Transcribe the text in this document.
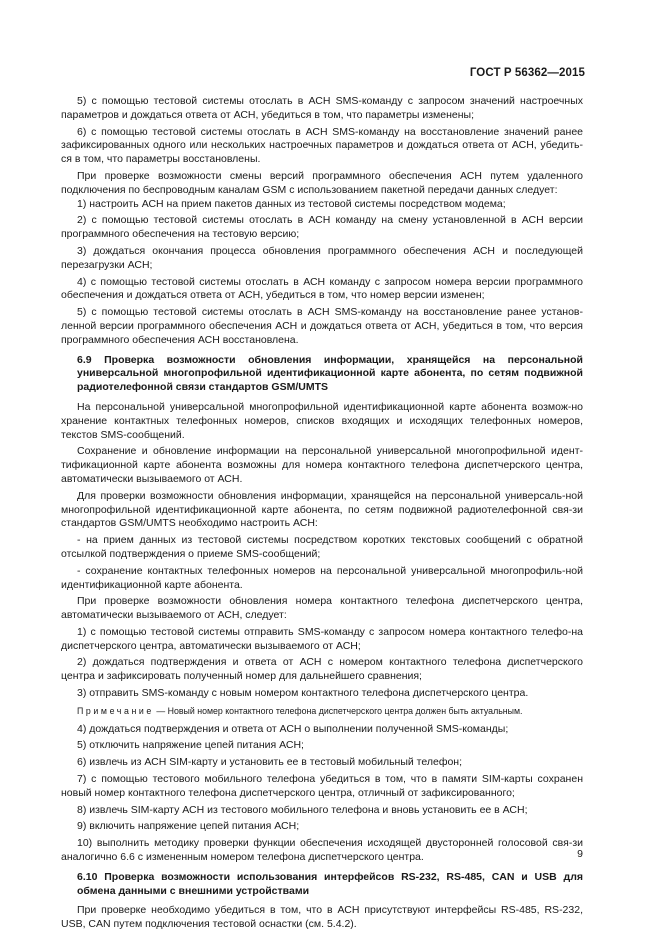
ГОСТ Р 56362—2015

5) с помощью тестовой системы отослать в АСН SMS-команду с запросом значений настроечных параметров и дождаться ответа от АСН, убедиться в том, что параметры изменены;

6) с помощью тестовой системы отослать в АСН SMS-команду на восстановление значений ранее зафиксированных одного или нескольких настроечных параметров и дождаться ответа от АСН, убедить-ся в том, что параметры восстановлены.

При проверке возможности смены версий программного обеспечения АСН путем удаленного подключения по беспроводным каналам GSM с использованием пакетной передачи данных следует:

1) настроить АСН на прием пакетов данных из тестовой системы посредством модема;

2) с помощью тестовой системы отослать в АСН команду на смену установленной в АСН версии программного обеспечения на тестовую версию;

3) дождаться окончания процесса обновления программного обеспечения АСН и последующей перезагрузки АСН;

4) с помощью тестовой системы отослать в АСН команду с запросом номера версии программного обеспечения и дождаться ответа от АСН, убедиться в том, что номер версии изменен;

5) с помощью тестовой системы отослать в АСН SMS-команду на восстановление ранее установ-ленной версии программного обеспечения АСН и дождаться ответа от АСН, убедиться в том, что версия программного обеспечения АСН восстановлена.

6.9 Проверка возможности обновления информации, хранящейся на персональной универсальной многопрофильной идентификационной карте абонента, по сетям подвижной радиотелефонной связи стандартов GSM/UMTS

На персональной универсальной многопрофильной идентификационной карте абонента возмож-но хранение контактных телефонных номеров, списков входящих и исходящих телефонных номеров, текстов SMS-сообщений.

Сохранение и обновление информации на персональной универсальной многопрофильной идент-тификационной карте абонента возможны для номера контактного телефона диспетчерского центра, автоматически вызываемого от АСН.

Для проверки возможности обновления информации, хранящейся на персональной универсаль-ной многопрофильной идентификационной карте абонента, по сетям подвижной радиотелефонной свя-зи стандартов GSM/UMTS необходимо настроить АСН:

- на прием данных из тестовой системы посредством коротких текстовых сообщений с обратной отсылкой подтверждения о приеме SMS-сообщений;

- сохранение контактных телефонных номеров на персональной универсальной многопрофиль-ной идентификационной карте абонента.

При проверке возможности обновления номера контактного телефона диспетчерского центра, автоматически вызываемого от АСН, следует:

1) с помощью тестовой системы отправить SMS-команду с запросом номера контактного телефо-на диспетчерского центра, автоматически вызываемого от АСН;

2) дождаться подтверждения и ответа от АСН с номером контактного телефона диспетчерского центра и зафиксировать полученный номер для дальнейшего сравнения;

3) отправить SMS-команду с новым номером контактного телефона диспетчерского центра.

Примечание — Новый номер контактного телефона диспетчерского центра должен быть актуальным.

4) дождаться подтверждения и ответа от АСН о выполнении полученной SMS-команды;

5) отключить напряжение цепей питания АСН;

6) извлечь из АСН SIM-карту и установить ее в тестовый мобильный телефон;

7) с помощью тестового мобильного телефона убедиться в том, что в памяти SIM-карты сохранен новый номер контактного телефона диспетчерского центра, отличный от зафиксированного;

8) извлечь SIM-карту АСН из тестового мобильного телефона и вновь установить ее в АСН;

9) включить напряжение цепей питания АСН;

10) выполнить методику проверки функции обеспечения исходящей двусторонней голосовой свя-зи аналогично 6.6 с измененным номером телефона диспетчерского центра.

6.10 Проверка возможности использования интерфейсов RS-232, RS-485, CAN и USB для обмена данными с внешними устройствами

При проверке необходимо убедиться в том, что в АСН присутствуют интерфейсы RS-485, RS-232, USB, CAN путем подключения тестовой оснастки (см. 5.4.2).

9
